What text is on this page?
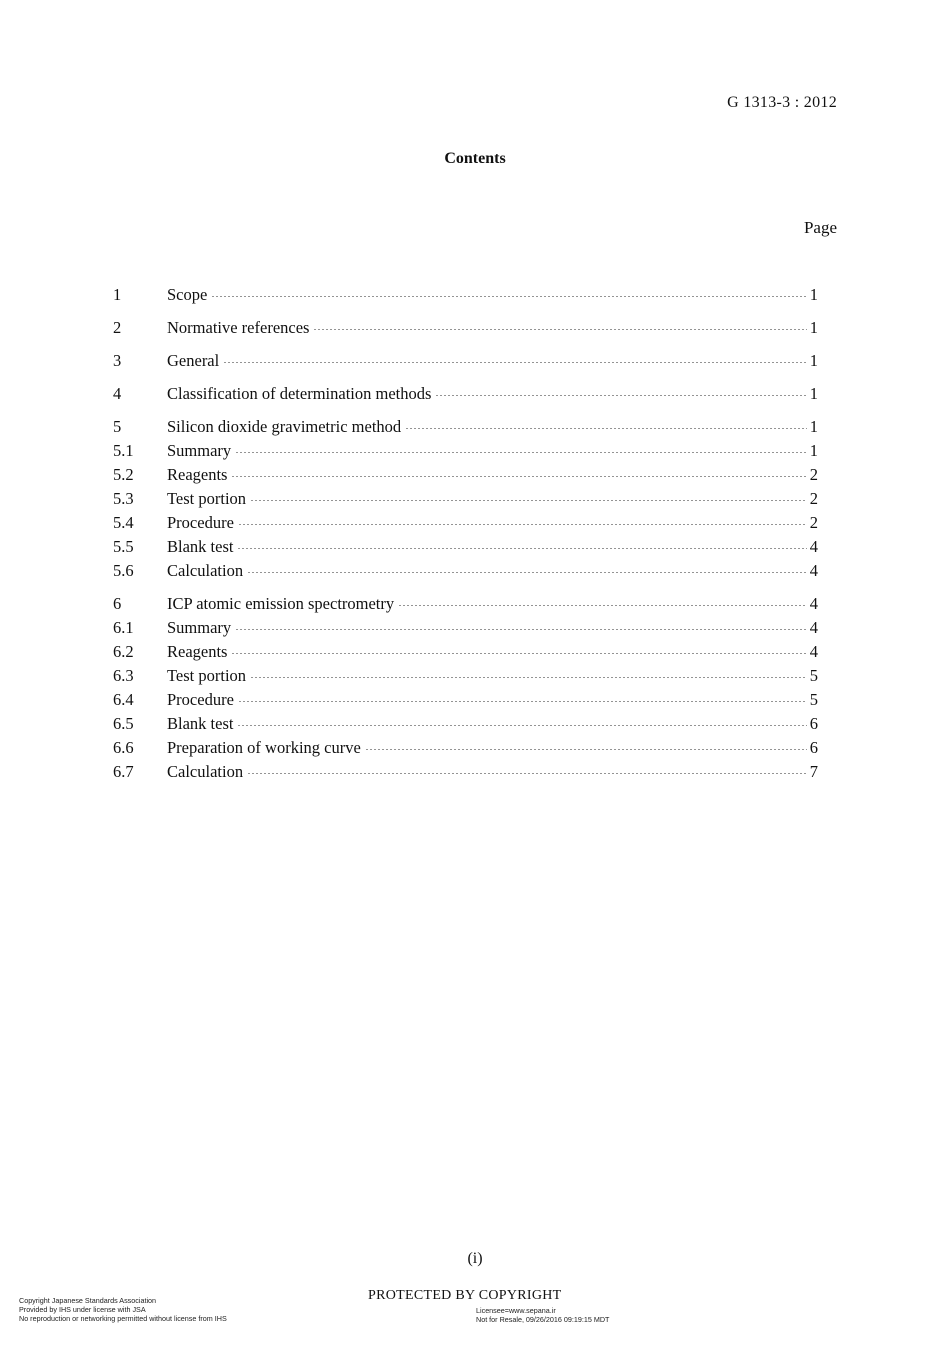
G 1313-3 : 2012
Contents
Page
1	Scope	1
2	Normative references	1
3	General	1
4	Classification of determination methods	1
5	Silicon dioxide gravimetric method	1
5.1	Summary	1
5.2	Reagents	2
5.3	Test portion	2
5.4	Procedure	2
5.5	Blank test	4
5.6	Calculation	4
6	ICP atomic emission spectrometry	4
6.1	Summary	4
6.2	Reagents	4
6.3	Test portion	5
6.4	Procedure	5
6.5	Blank test	6
6.6	Preparation of working curve	6
6.7	Calculation	7
(i)
Copyright Japanese Standards Association
Provided by IHS under license with JSA
No reproduction or networking permitted without license from IHS
PROTECTED BY COPYRIGHT
Licensee=www.sepana.ir
Not for Resale, 09/26/2016 09:19:15 MDT
